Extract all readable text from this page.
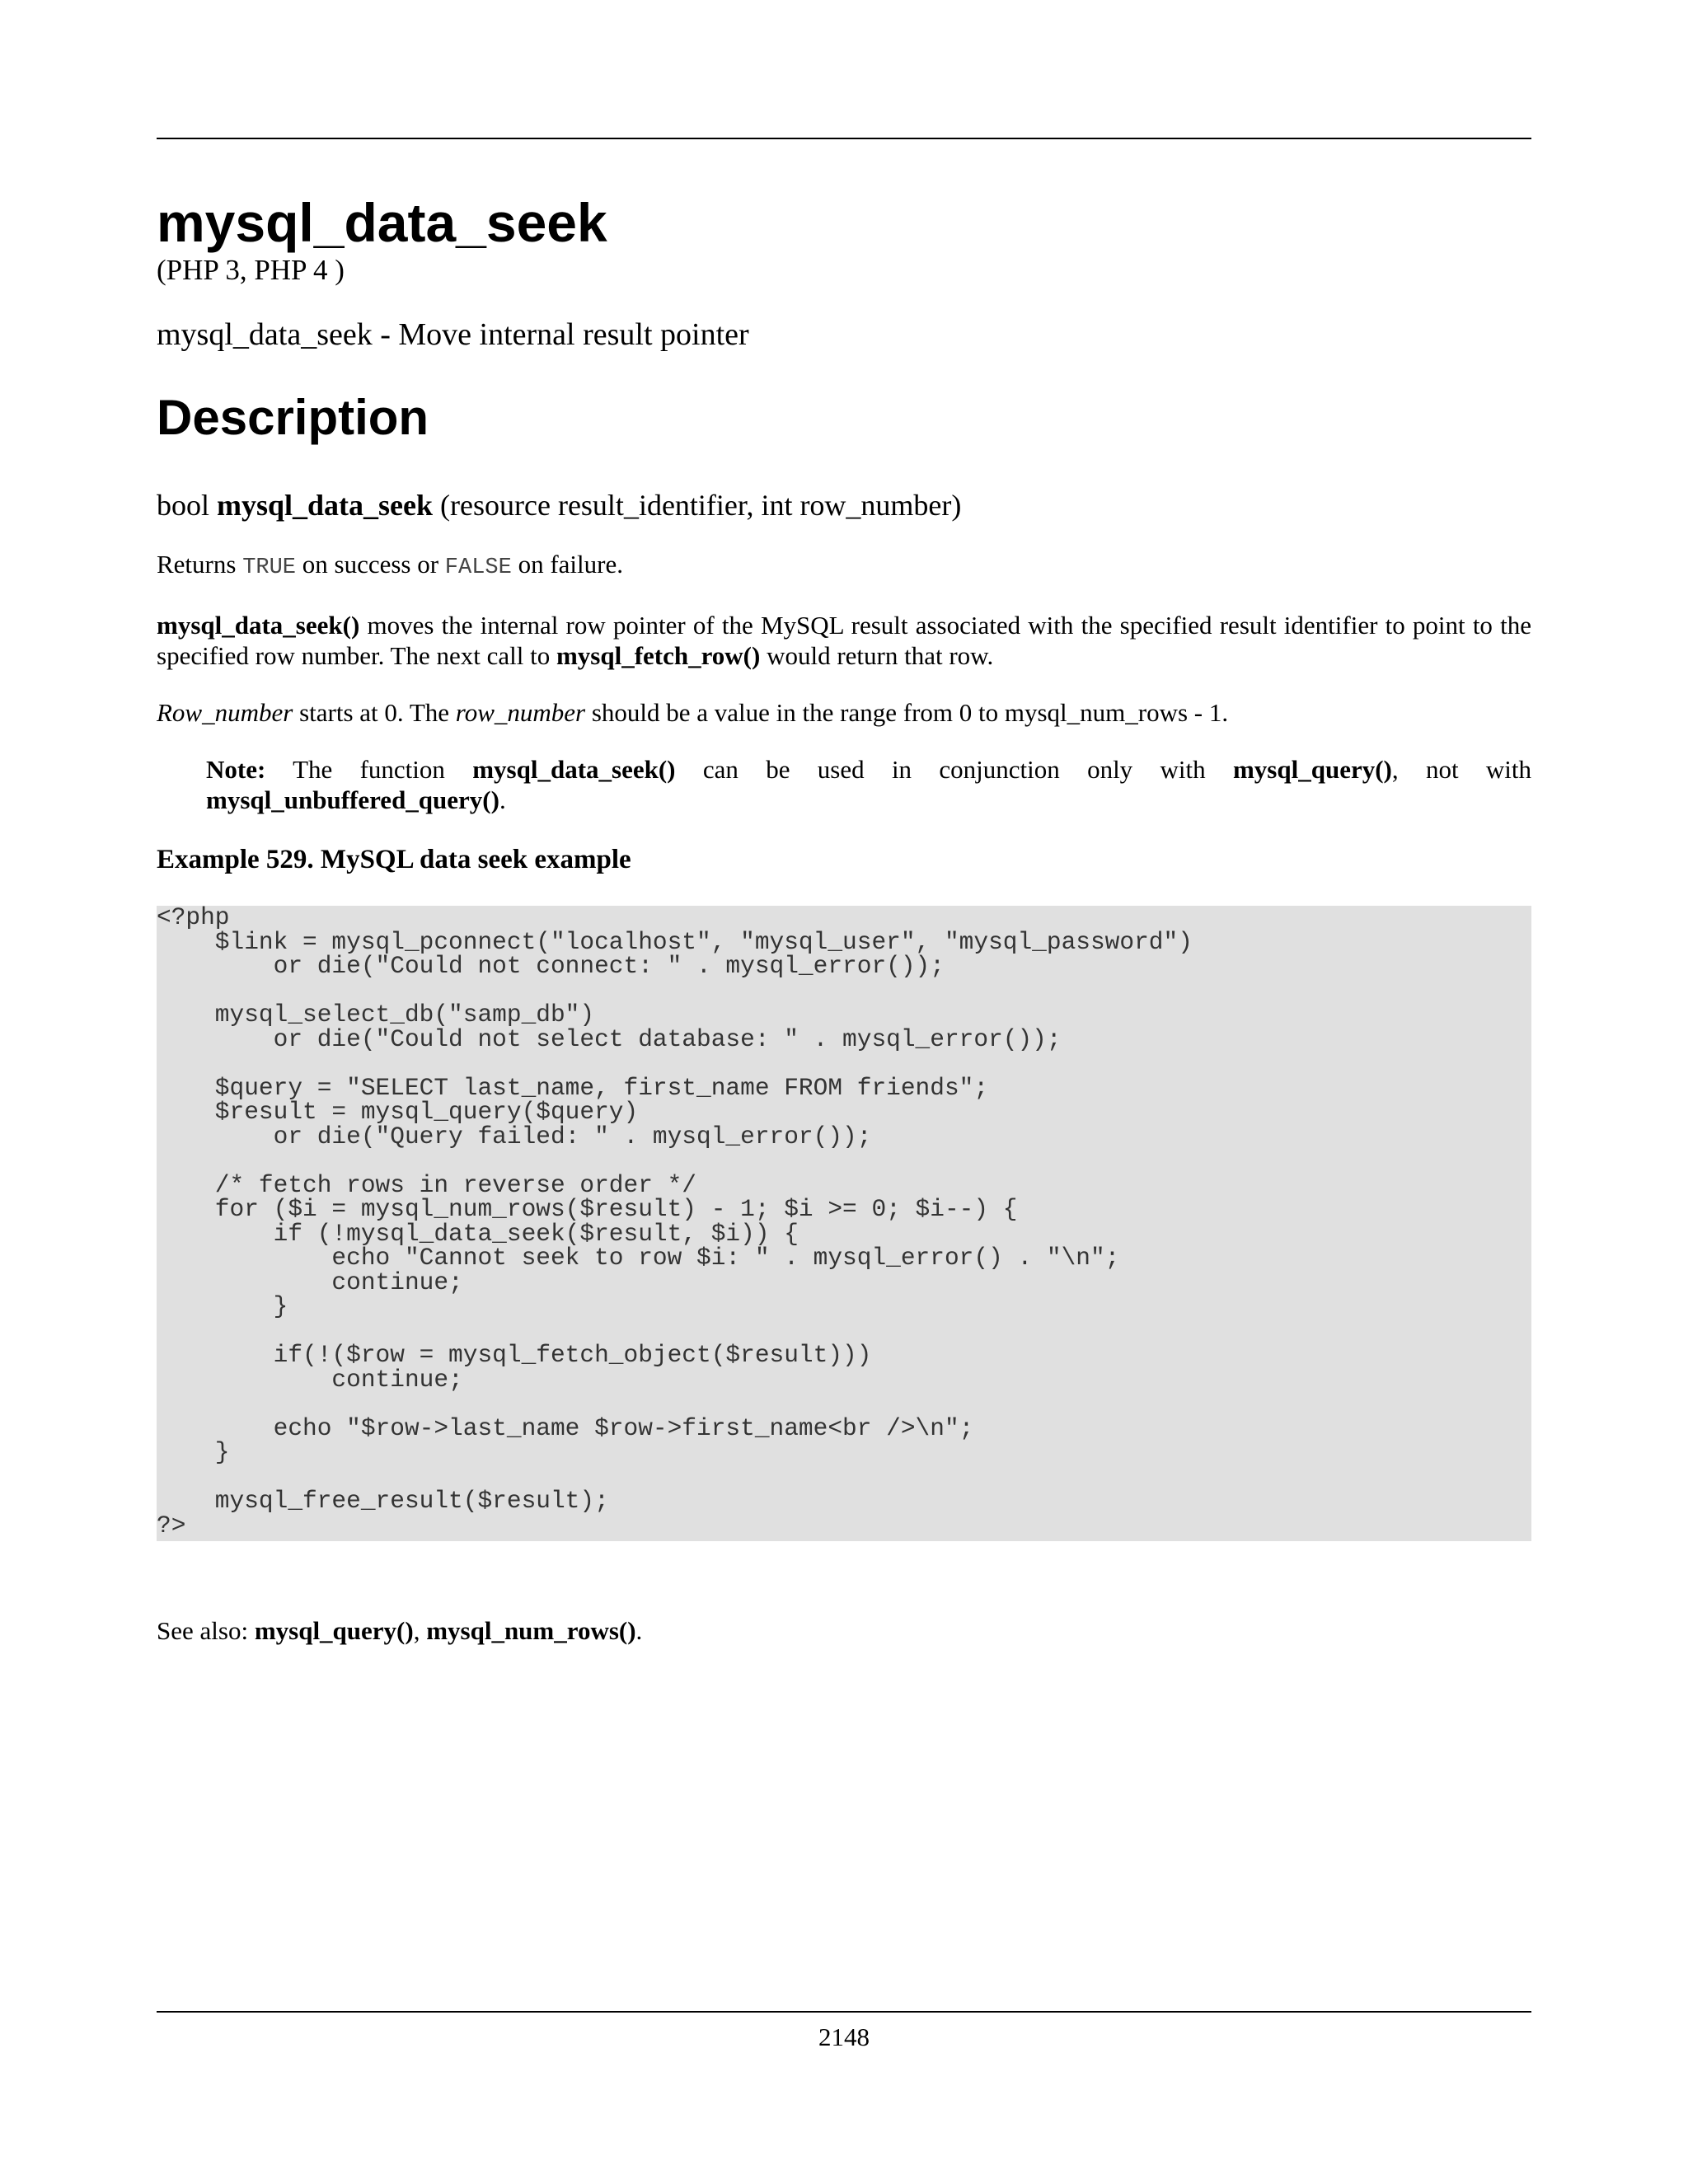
mysql_data_seek

(PHP 3, PHP 4 )

mysql_data_seek - Move internal result pointer

Description

bool mysql_data_seek (resource result_identifier, int row_number)

Returns TRUE on success or FALSE on failure.

mysql_data_seek() moves the internal row pointer of the MySQL result associated with the specified result identifier to point to the specified row number. The next call to mysql_fetch_row() would return that row.

Row_number starts at 0. The row_number should be a value in the range from 0 to mysql_num_rows - 1.

Note: The function mysql_data_seek() can be used in conjunction only with mysql_query(), not with mysql_unbuffered_query().

Example 529. MySQL data seek example

<?php
$link = mysql_pconnect("localhost", "mysql_user", "mysql_password")
or die("Could not connect: " . mysql_error());
mysql_select_db("samp_db")
or die("Could not select database: " . mysql_error());
$query = "SELECT last_name, first_name FROM friends";
$result = mysql_query($query)
or die("Query failed: " . mysql_error());
/* fetch rows in reverse order */
for ($i = mysql_num_rows($result) - 1; $i >= 0; $i--) {
if (!mysql_data_seek($result, $i)) {
echo "Cannot seek to row $i: " . mysql_error() . "\n";
continue;
}
if(!($row = mysql_fetch_object($result)))
continue;
echo "$row->last_name $row->first_name<br />\n";
}
mysql_free_result($result);
?>

See also: mysql_query(), mysql_num_rows().

2148
